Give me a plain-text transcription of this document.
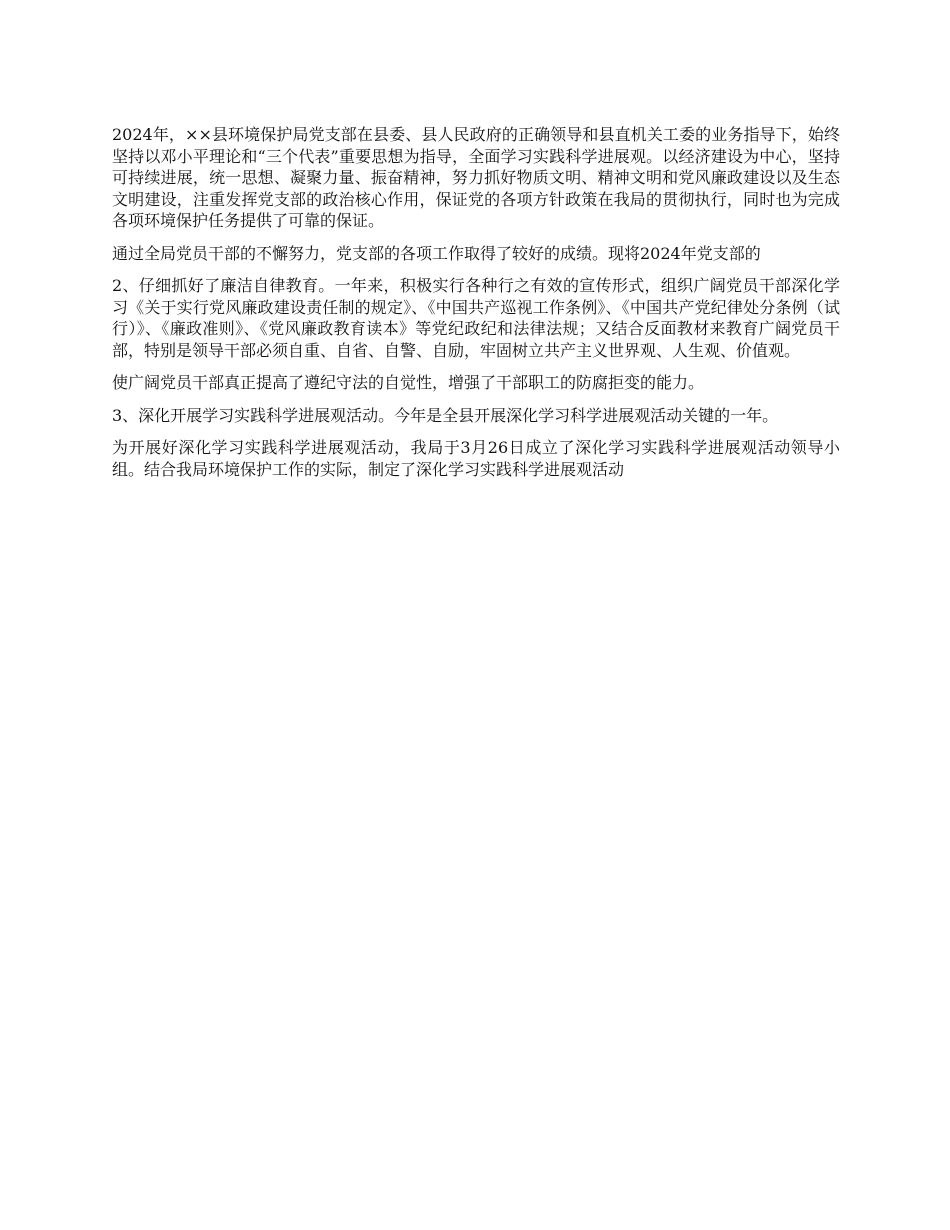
2024年，××县环境保护局党支部在县委、县人民政府的正确领导和县直机关工委的业务指导下，始终坚持以邓小平理论和“三个代表”重要思想为指导，全面学习实践科学进展观。以经济建设为中心，坚持可持续进展，统一思想、凝聚力量、振奋精神，努力抓好物质文明、精神文明和党风廉政建设以及生态文明建设，注重发挥党支部的政治核心作用，保证党的各项方针政策在我局的贯彻执行，同时也为完成各项环境保护任务提供了可靠的保证。

通过全局党员干部的不懈努力，党支部的各项工作取得了较好的成绩。现将2024年党支部的

2、仔细抓好了廉洁自律教育。一年来，积极实行各种行之有效的宣传形式，组织广阔党员干部深化学习《关于实行党风廉政建设责任制的规定》、《中国共产巡视工作条例》、《中国共产党纪律处分条例（试行）》、《廉政准则》、《党风廉政教育读本》等党纪政纪和法律法规；又结合反面教材来教育广阔党员干部，特别是领导干部必须自重、自省、自警、自励，牢固树立共产主义世界观、人生观、价值观。

使广阔党员干部真正提高了遵纪守法的自觉性，增强了干部职工的防腐拒变的能力。

3、深化开展学习实践科学进展观活动。今年是全县开展深化学习科学进展观活动关键的一年。

为开展好深化学习实践科学进展观活动，我局于3月26日成立了深化学习实践科学进展观活动领导小组。结合我局环境保护工作的实际，制定了深化学习实践科学进展观活动
